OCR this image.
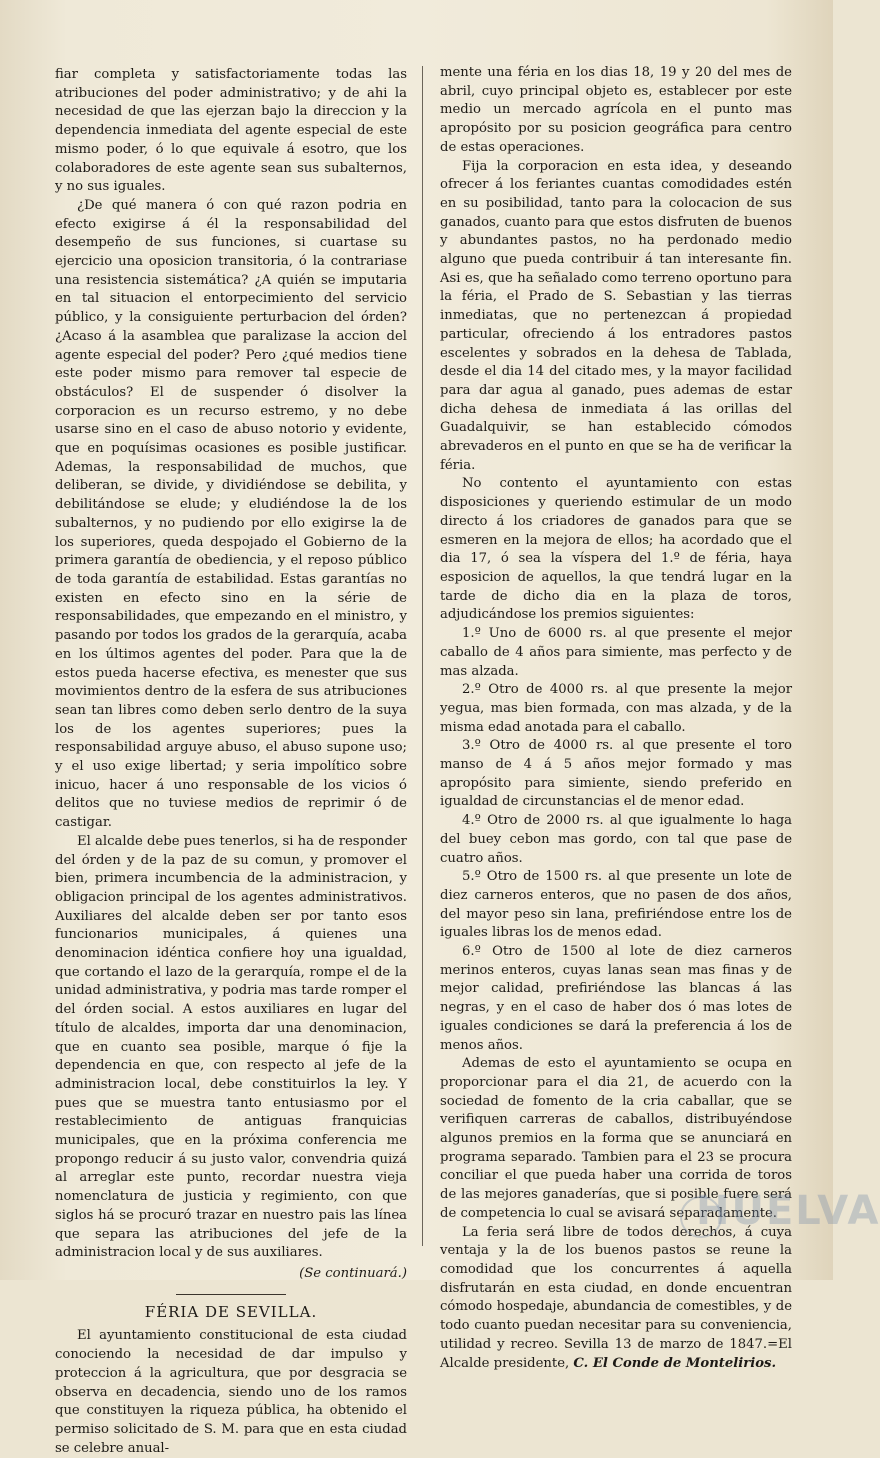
fiar completa y satisfactoriamente todas las atribuciones del poder administrativo; y de ahi la necesidad de que las ejerzan bajo la direccion y la dependencia inmediata del agente especial de este mismo poder, ó lo que equivale á esotro, que los colaboradores de este agente sean sus subalternos, y no sus iguales.

¿De qué manera ó con qué razon podria en efecto exigirse á él la responsabilidad del desempeño de sus funciones, si cuartase su ejercicio una oposicion transitoria, ó la contrariase una resistencia sistemática? ¿A quién se imputaria en tal situacion el entorpecimiento del servicio público, y la consiguiente perturbacion del órden? ¿Acaso á la asamblea que paralizase la accion del agente especial del poder? Pero ¿qué medios tiene este poder mismo para remover tal especie de obstáculos? El de suspender ó disolver la corporacion es un recurso estremo, y no debe usarse sino en el caso de abuso notorio y evidente, que en poquísimas ocasiones es posible justificar. Ademas, la responsabilidad de muchos, que deliberan, se divide, y dividiéndose se debilita, y debilitándose se elude; y eludiéndose la de los subalternos, y no pudiendo por ello exigirse la de los superiores, queda despojado el Gobierno de la primera garantía de obediencia, y el reposo público de toda garantía de estabilidad. Estas garantías no existen en efecto sino en la série de responsabilidades, que empezando en el ministro, y pasando por todos los grados de la gerarquía, acaba en los últimos agentes del poder. Para que la de estos pueda hacerse efectiva, es menester que sus movimientos dentro de la esfera de sus atribuciones sean tan libres como deben serlo dentro de la suya los de los agentes superiores; pues la responsabilidad arguye abuso, el abuso supone uso; y el uso exige libertad; y seria impolítico sobre inicuo, hacer á uno responsable de los vicios ó delitos que no tuviese medios de reprimir ó de castigar.

El alcalde debe pues tenerlos, si ha de responder del órden y de la paz de su comun, y promover el bien, primera incumbencia de la administracion, y obligacion principal de los agentes administrativos. Auxiliares del alcalde deben ser por tanto esos funcionarios municipales, á quienes una denominacion idéntica confiere hoy una igualdad, que cortando el lazo de la gerarquía, rompe el de la unidad administrativa, y podria mas tarde romper el del órden social. A estos auxiliares en lugar del título de alcaldes, importa dar una denominacion, que en cuanto sea posible, marque ó fije la dependencia en que, con respecto al jefe de la administracion local, debe constituirlos la ley. Y pues que se muestra tanto entusiasmo por el restablecimiento de antiguas franquicias municipales, que en la próxima conferencia me propongo reducir á su justo valor, convendria quizá al arreglar este punto, recordar nuestra vieja nomenclatura de justicia y regimiento, con que siglos há se procuró trazar en nuestro pais las línea que separa las atribuciones del jefe de la administracion local y de sus auxiliares.

(Se continuará.)
FÉRIA DE SEVILLA.

El ayuntamiento constitucional de esta ciudad conociendo la necesidad de dar impulso y proteccion á la agricultura, que por desgracia se observa en decadencia, siendo uno de los ramos que constituyen la riqueza pública, ha obtenido el permiso solicitado de S. M. para que en esta ciudad se celebre anual-

mente una féria en los dias 18, 19 y 20 del mes de abril, cuyo principal objeto es, establecer por este medio un mercado agrícola en el punto mas apropósito por su posicion geográfica para centro de estas operaciones.

Fija la corporacion en esta idea, y deseando ofrecer á los feriantes cuantas comodidades estén en su posibilidad, tanto para la colocacion de sus ganados, cuanto para que estos disfruten de buenos y abundantes pastos, no ha perdonado medio alguno que pueda contribuir á tan interesante fin. Asi es, que ha señalado como terreno oportuno para la féria, el Prado de S. Sebastian y las tierras inmediatas, que no pertenezcan á propiedad particular, ofreciendo á los entradores pastos escelentes y sobrados en la dehesa de Tablada, desde el dia 14 del citado mes, y la mayor facilidad para dar agua al ganado, pues ademas de estar dicha dehesa de inmediata á las orillas del Guadalquivir, se han establecido cómodos abrevaderos en el punto en que se ha de verificar la féria.

No contento el ayuntamiento con estas disposiciones y queriendo estimular de un modo directo á los criadores de ganados para que se esmeren en la mejora de ellos; ha acordado que el dia 17, ó sea la víspera del 1.º de féria, haya esposicion de aquellos, la que tendrá lugar en la tarde de dicho dia en la plaza de toros, adjudicándose los premios siguientes:

1.º Uno de 6000 rs. al que presente el mejor caballo de 4 años para simiente, mas perfecto y de mas alzada.

2.º Otro de 4000 rs. al que presente la mejor yegua, mas bien formada, con mas alzada, y de la misma edad anotada para el caballo.

3.º Otro de 4000 rs. al que presente el toro manso de 4 á 5 años mejor formado y mas apropósito para simiente, siendo preferido en igualdad de circunstancias el de menor edad.

4.º Otro de 2000 rs. al que igualmente lo haga del buey cebon mas gordo, con tal que pase de cuatro años.

5.º Otro de 1500 rs. al que presente un lote de diez carneros enteros, que no pasen de dos años, del mayor peso sin lana, prefiriéndose entre los de iguales libras los de menos edad.

6.º Otro de 1500 al lote de diez carneros merinos enteros, cuyas lanas sean mas finas y de mejor calidad, prefiriéndose las blancas á las negras, y en el caso de haber dos ó mas lotes de iguales condiciones se dará la preferencia á los de menos años.

Ademas de esto el ayuntamiento se ocupa en proporcionar para el dia 21, de acuerdo con la sociedad de fomento de la cria caballar, que se verifiquen carreras de caballos, distribuyéndose algunos premios en la forma que se anunciará en programa separado. Tambien para el 23 se procura conciliar el que pueda haber una corrida de toros de las mejores ganaderías, que si posible fuere será de competencia lo cual se avisará separadamente.

La feria será libre de todos derechos, á cuya ventaja y la de los buenos pastos se reune la comodidad que los concurrentes á aquella disfrutarán en esta ciudad, en donde encuentran cómodo hospedaje, abundancia de comestibles, y de todo cuanto puedan necesitar para su conveniencia, utilidad y recreo. Sevilla 13 de marzo de 1847.=El Alcalde presidente, C. El Conde de Montelirios.

HUELVA
